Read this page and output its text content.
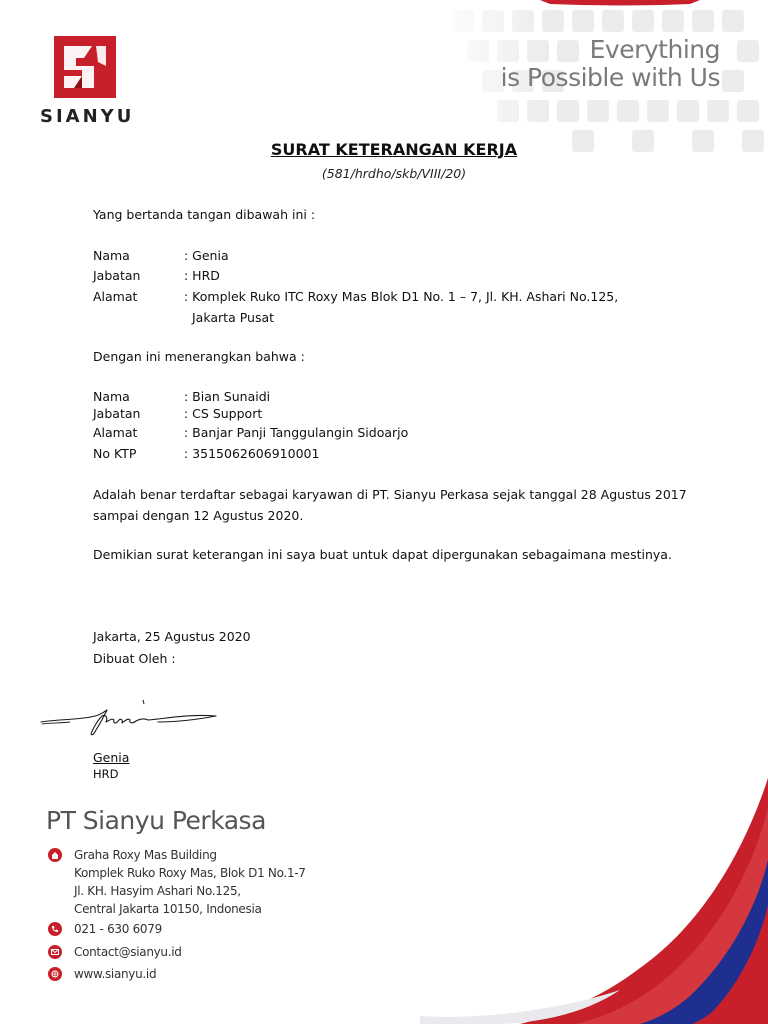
SIANYU
Everything
is Possible with Us
SURAT KETERANGAN KERJA
(581/hrdho/skb/VIII/20)
Yang bertanda tangan dibawah ini :
Nama	: Genia
Jabatan	: HRD
Alamat	: Komplek Ruko ITC Roxy Mas Blok D1 No. 1 – 7, Jl. KH. Ashari No.125,
Jakarta Pusat
Dengan ini menerangkan bahwa :
Nama	: Bian Sunaidi
Jabatan	: CS Support
Alamat	: Banjar Panji Tanggulangin Sidoarjo
No KTP	: 3515062606910001
Adalah benar terdaftar sebagai karyawan di PT. Sianyu Perkasa sejak tanggal 28 Agustus 2017
sampai dengan 12 Agustus 2020.
Demikian surat keterangan ini saya buat untuk dapat dipergunakan sebagaimana mestinya.
Jakarta, 25 Agustus 2020
Dibuat Oleh :
Genia
HRD
PT Sianyu Perkasa
Graha Roxy Mas Building
Komplek Ruko Roxy Mas, Blok D1 No.1-7
Jl. KH. Hasyim Ashari No.125,
Central Jakarta 10150, Indonesia
021 - 630 6079
Contact@sianyu.id
www.sianyu.id
